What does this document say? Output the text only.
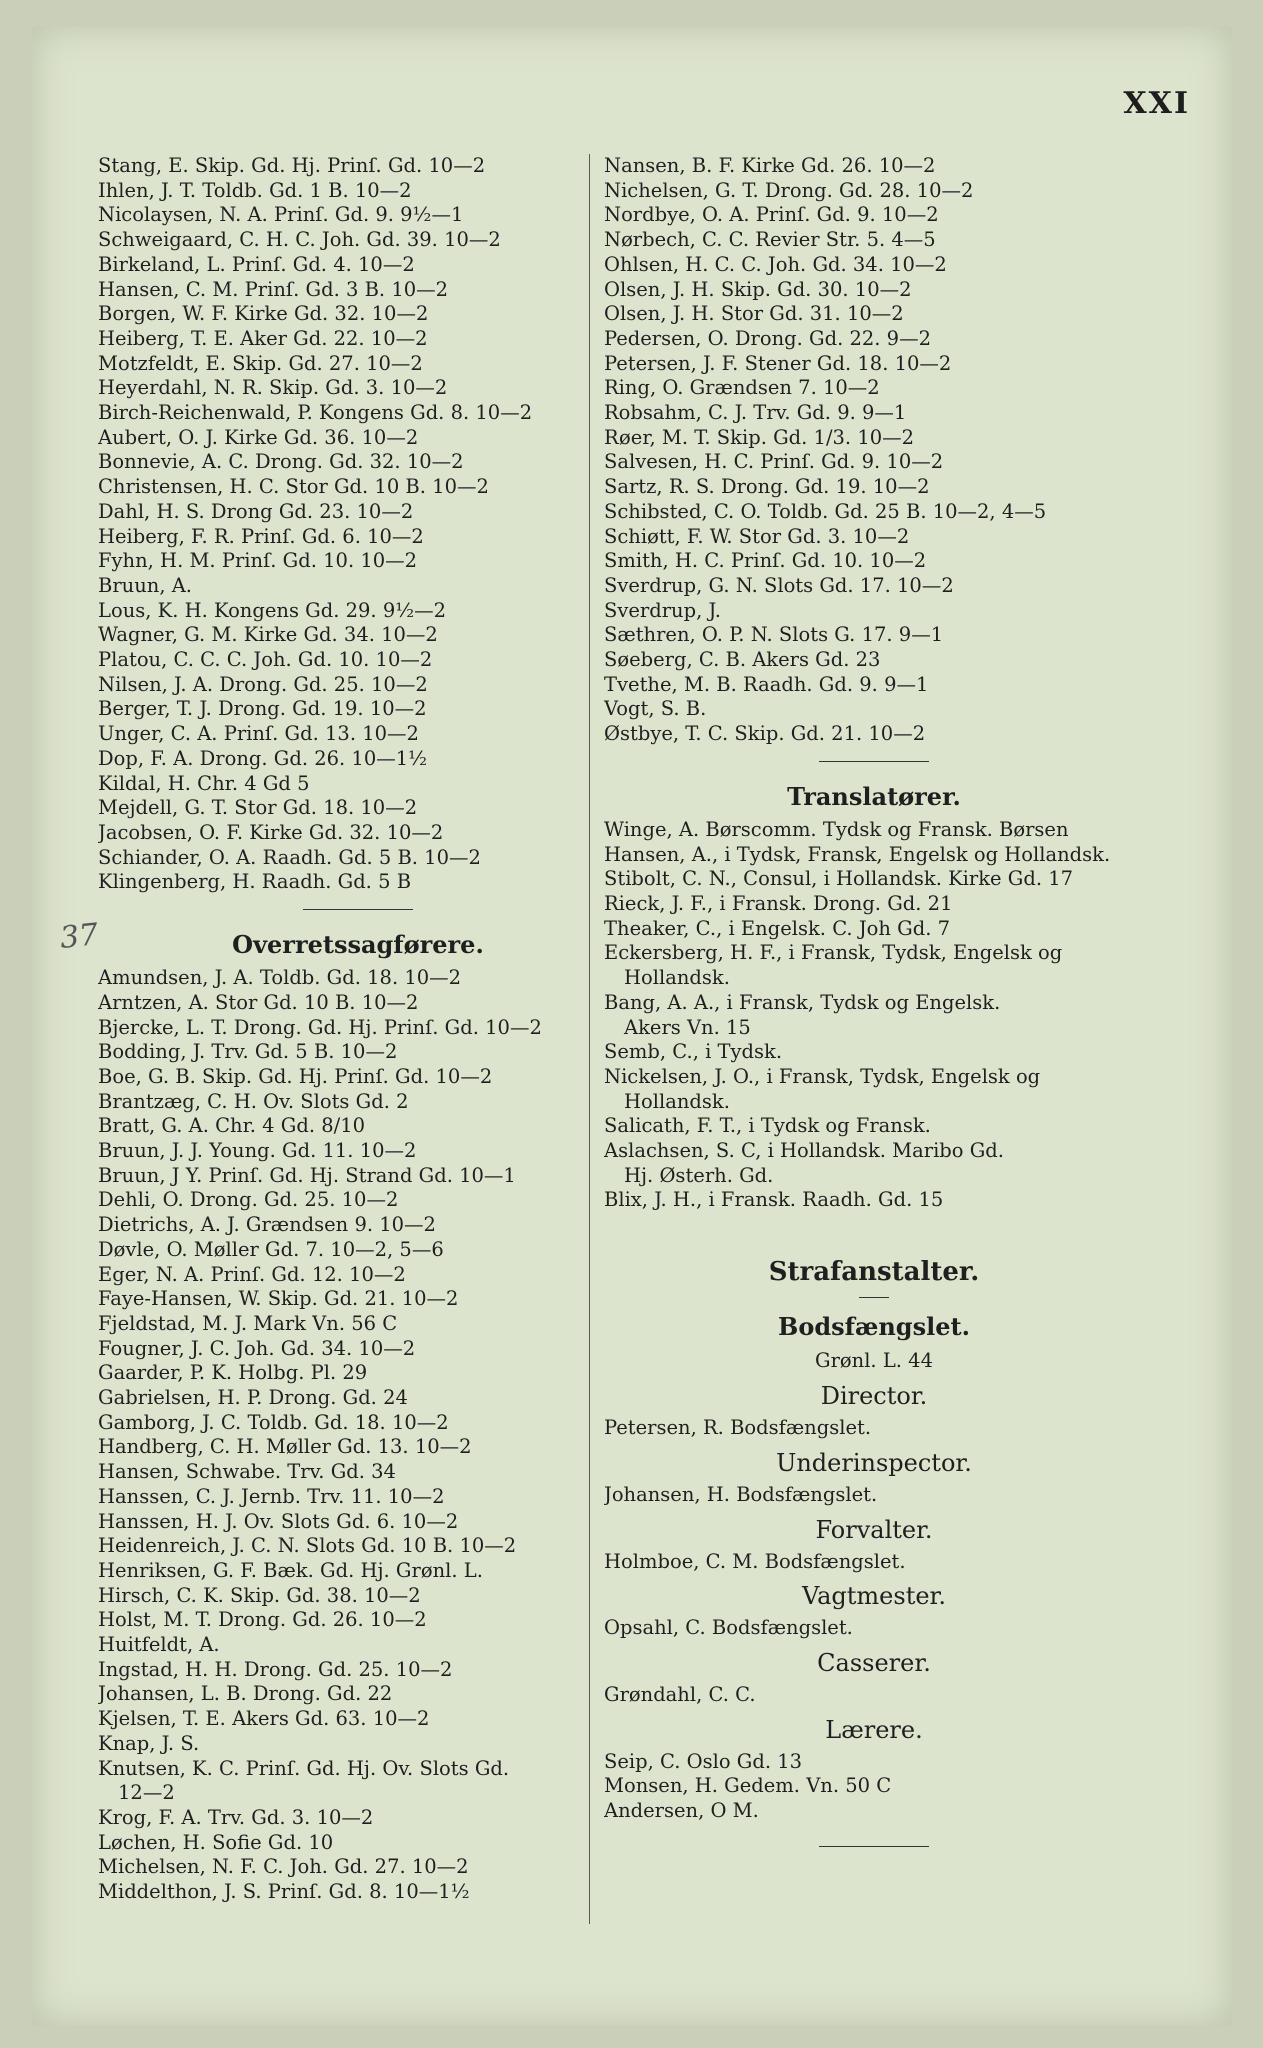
XXI
37
Stang, E. Skip. Gd. Hj. Prinſ. Gd. 10—2
Ihlen, J. T. Toldb. Gd. 1 B. 10—2
Nicolaysen, N. A. Prinſ. Gd. 9. 9½—1
Schweigaard, C. H. C. Joh. Gd. 39. 10—2
Birkeland, L. Prinſ. Gd. 4. 10—2
Hansen, C. M. Prinſ. Gd. 3 B. 10—2
Borgen, W. F. Kirke Gd. 32. 10—2
Heiberg, T. E. Aker Gd. 22. 10—2
Motzfeldt, E. Skip. Gd. 27. 10—2
Heyerdahl, N. R. Skip. Gd. 3. 10—2
Birch-Reichenwald, P. Kongens Gd. 8. 10—2
Aubert, O. J. Kirke Gd. 36. 10—2
Bonnevie, A. C. Drong. Gd. 32. 10—2
Christensen, H. C. Stor Gd. 10 B. 10—2
Dahl, H. S. Drong Gd. 23. 10—2
Heiberg, F. R. Prinſ. Gd. 6. 10—2
Fyhn, H. M. Prinſ. Gd. 10. 10—2
Bruun, A.
Lous, K. H. Kongens Gd. 29. 9½—2
Wagner, G. M. Kirke Gd. 34. 10—2
Platou, C. C. C. Joh. Gd. 10. 10—2
Nilsen, J. A. Drong. Gd. 25. 10—2
Berger, T. J. Drong. Gd. 19. 10—2
Unger, C. A. Prinſ. Gd. 13. 10—2
Dop, F. A. Drong. Gd. 26. 10—1½
Kildal, H. Chr. 4 Gd 5
Mejdell, G. T. Stor Gd. 18. 10—2
Jacobsen, O. F. Kirke Gd. 32. 10—2
Schiander, O. A. Raadh. Gd. 5 B. 10—2
Klingenberg, H. Raadh. Gd. 5 B
Overretssagførere.
Amundsen, J. A. Toldb. Gd. 18. 10—2
Arntzen, A. Stor Gd. 10 B. 10—2
Bjercke, L. T. Drong. Gd. Hj. Prinſ. Gd. 10—2
Bodding, J. Trv. Gd. 5 B. 10—2
Boe, G. B. Skip. Gd. Hj. Prinſ. Gd. 10—2
Brantzæg, C. H. Ov. Slots Gd. 2
Bratt, G. A. Chr. 4 Gd. 8/10
Bruun, J. J. Young. Gd. 11. 10—2
Bruun, J Y. Prinſ. Gd. Hj. Strand Gd. 10—1
Dehli, O. Drong. Gd. 25. 10—2
Dietrichs, A. J. Grændsen 9. 10—2
Døvle, O. Møller Gd. 7. 10—2, 5—6
Eger, N. A. Prinſ. Gd. 12. 10—2
Faye-Hansen, W. Skip. Gd. 21. 10—2
Fjeldstad, M. J. Mark Vn. 56 C
Fougner, J. C. Joh. Gd. 34. 10—2
Gaarder, P. K. Holbg. Pl. 29
Gabrielsen, H. P. Drong. Gd. 24
Gamborg, J. C. Toldb. Gd. 18. 10—2
Handberg, C. H. Møller Gd. 13. 10—2
Hansen, Schwabe. Trv. Gd. 34
Hanssen, C. J. Jernb. Trv. 11. 10—2
Hanssen, H. J. Ov. Slots Gd. 6. 10—2
Heidenreich, J. C. N. Slots Gd. 10 B. 10—2
Henriksen, G. F. Bæk. Gd. Hj. Grønl. L.
Hirsch, C. K. Skip. Gd. 38. 10—2
Holst, M. T. Drong. Gd. 26. 10—2
Huitfeldt, A.
Ingstad, H. H. Drong. Gd. 25. 10—2
Johansen, L. B. Drong. Gd. 22
Kjelsen, T. E. Akers Gd. 63. 10—2
Knap, J. S.
Knutsen, K. C. Prinſ. Gd. Hj. Ov. Slots Gd.
12—2
Krog, F. A. Trv. Gd. 3. 10—2
Løchen, H. Sofie Gd. 10
Michelsen, N. F. C. Joh. Gd. 27. 10—2
Middelthon, J. S. Prinſ. Gd. 8. 10—1½
Nansen, B. F. Kirke Gd. 26. 10—2
Nichelsen, G. T. Drong. Gd. 28. 10—2
Nordbye, O. A. Prinſ. Gd. 9. 10—2
Nørbech, C. C. Revier Str. 5. 4—5
Ohlsen, H. C. C. Joh. Gd. 34. 10—2
Olsen, J. H. Skip. Gd. 30. 10—2
Olsen, J. H. Stor Gd. 31. 10—2
Pedersen, O. Drong. Gd. 22. 9—2
Petersen, J. F. Stener Gd. 18. 10—2
Ring, O. Grændsen 7. 10—2
Robsahm, C. J. Trv. Gd. 9. 9—1
Røer, M. T. Skip. Gd. 1/3. 10—2
Salvesen, H. C. Prinſ. Gd. 9. 10—2
Sartz, R. S. Drong. Gd. 19. 10—2
Schibsted, C. O. Toldb. Gd. 25 B. 10—2, 4—5
Schiøtt, F. W. Stor Gd. 3. 10—2
Smith, H. C. Prinſ. Gd. 10. 10—2
Sverdrup, G. N. Slots Gd. 17. 10—2
Sverdrup, J.
Sæthren, O. P. N. Slots G. 17. 9—1
Søeberg, C. B. Akers Gd. 23
Tvethe, M. B. Raadh. Gd. 9. 9—1
Vogt, S. B.
Østbye, T. C. Skip. Gd. 21. 10—2
Translatører.
Winge, A. Børscomm. Tydsk og Fransk. Børsen
Hansen, A., i Tydsk, Fransk, Engelsk og Hollandsk.
Stibolt, C. N., Consul, i Hollandsk. Kirke Gd. 17
Rieck, J. F., i Fransk. Drong. Gd. 21
Theaker, C., i Engelsk. C. Joh Gd. 7
Eckersberg, H. F., i Fransk, Tydsk, Engelsk og
Hollandsk.
Bang, A. A., i Fransk, Tydsk og Engelsk.
Akers Vn. 15
Semb, C., i Tydsk.
Nickelsen, J. O., i Fransk, Tydsk, Engelsk og
Hollandsk.
Salicath, F. T., i Tydsk og Fransk.
Aslachsen, S. C, i Hollandsk. Maribo Gd.
Hj. Østerh. Gd.
Blix, J. H., i Fransk. Raadh. Gd. 15
Strafanstalter.
Bodsfængslet.
Grønl. L. 44
Director.
Petersen, R. Bodsfængslet.
Underinspector.
Johansen, H. Bodsfængslet.
Forvalter.
Holmboe, C. M. Bodsfængslet.
Vagtmester.
Opsahl, C. Bodsfængslet.
Casserer.
Grøndahl, C. C.
Lærere.
Seip, C. Oslo Gd. 13
Monsen, H. Gedem. Vn. 50 C
Andersen, O M.
